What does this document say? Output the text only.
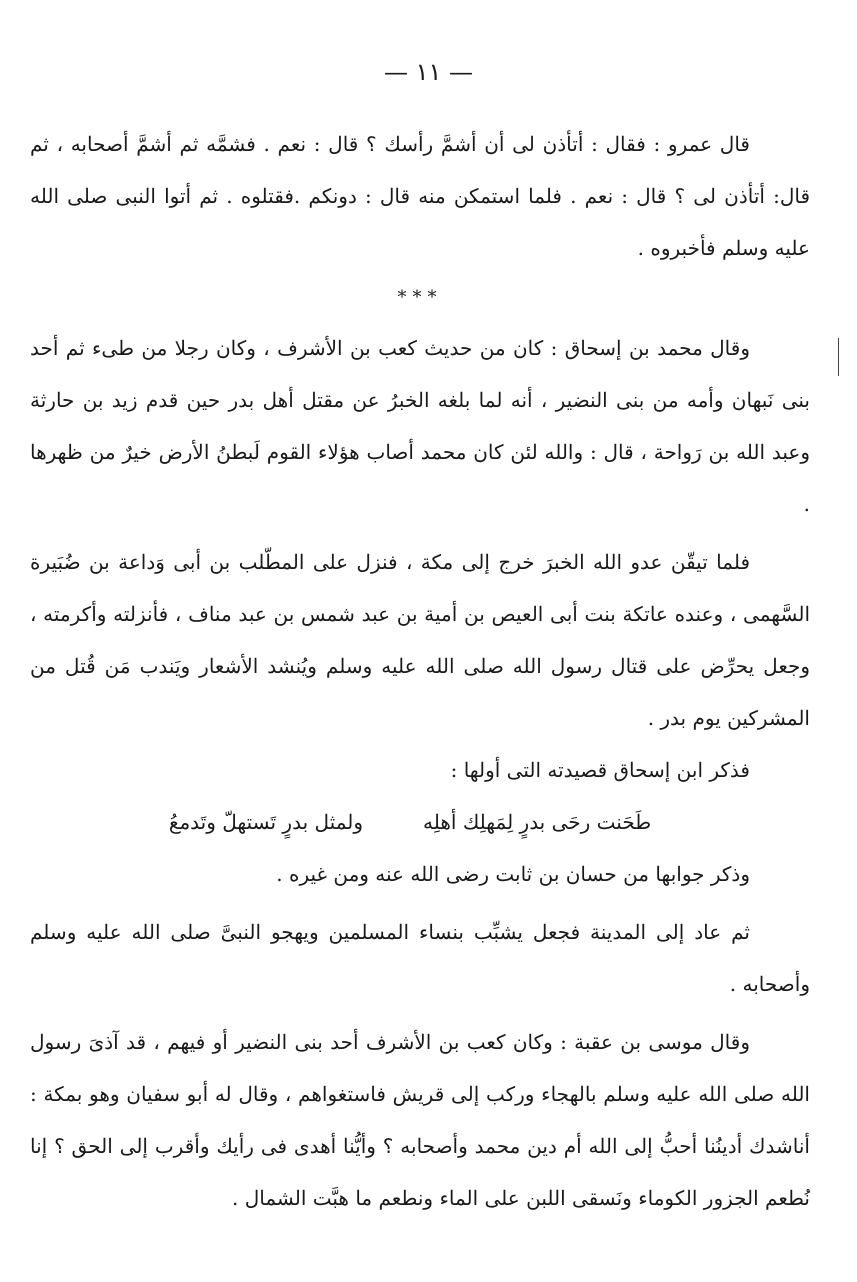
— ١١ —

قال عمرو : فقال : أتأذن لى أن أشمَّ رأسك ؟ قال : نعم . فشمَّه ثم أشمَّ أصحابه ، ثم قال: أتأذن لى ؟ قال : نعم . فلما استمكن منه قال : دونكم .فقتلوه . ثم أتوا النبى صلى الله عليه وسلم فأخبروه .

***

وقال محمد بن إسحاق : كان من حديث كعب بن الأشرف ، وكان رجلا من طىء ثم أحد بنى نَبهان وأمه من بنى النضير ، أنه لما بلغه الخبرُ عن مقتل أهل بدر حين قدم زيد بن حارثة وعبد الله بن رَواحة ، قال : والله لئن كان محمد أصاب هؤلاء القوم لَبطنُ الأرض خيرٌ من ظهرها .

فلما تيقّن عدو الله الخبرَ خرج إلى مكة ، فنزل على المطّلب بن أبى وَداعة بن ضُبَيرة السَّهمى ، وعنده عاتكة بنت أبى العيص بن أمية بن عبد شمس بن عبد مناف ، فأنزلته وأكرمته ، وجعل يحرِّض على قتال رسول الله صلى الله عليه وسلم ويُنشد الأشعار ويَندب مَن قُتل من المشركين يوم بدر .

فذكر ابن إسحاق قصيدته التى أولها :

طَحَنت رحَى بدرٍ لِمَهلِك أهلِه
ولمثل بدرٍ تَستهلّ وتَدمعُ

وذكر جوابها من حسان بن ثابت رضى الله عنه ومن غيره .

ثم عاد إلى المدينة فجعل يشبِّب بنساء المسلمين ويهجو النبىَّ صلى الله عليه وسلم وأصحابه .

وقال موسى بن عقبة : وكان كعب بن الأشرف أحد بنى النضير أو فيهم ، قد آذىَ رسول الله صلى الله عليه وسلم بالهجاء وركب إلى قريش فاستغواهم ، وقال له أبو سفيان وهو بمكة : أناشدك أدينُنا أحبُّ إلى الله أم دين محمد وأصحابه ؟ وأيُّنا أهدى فى رأيك وأقرب إلى الحق ؟ إنا نُطعم الجزور الكوماء ونَسقى اللبن على الماء ونطعم ما هبَّت الشمال .
